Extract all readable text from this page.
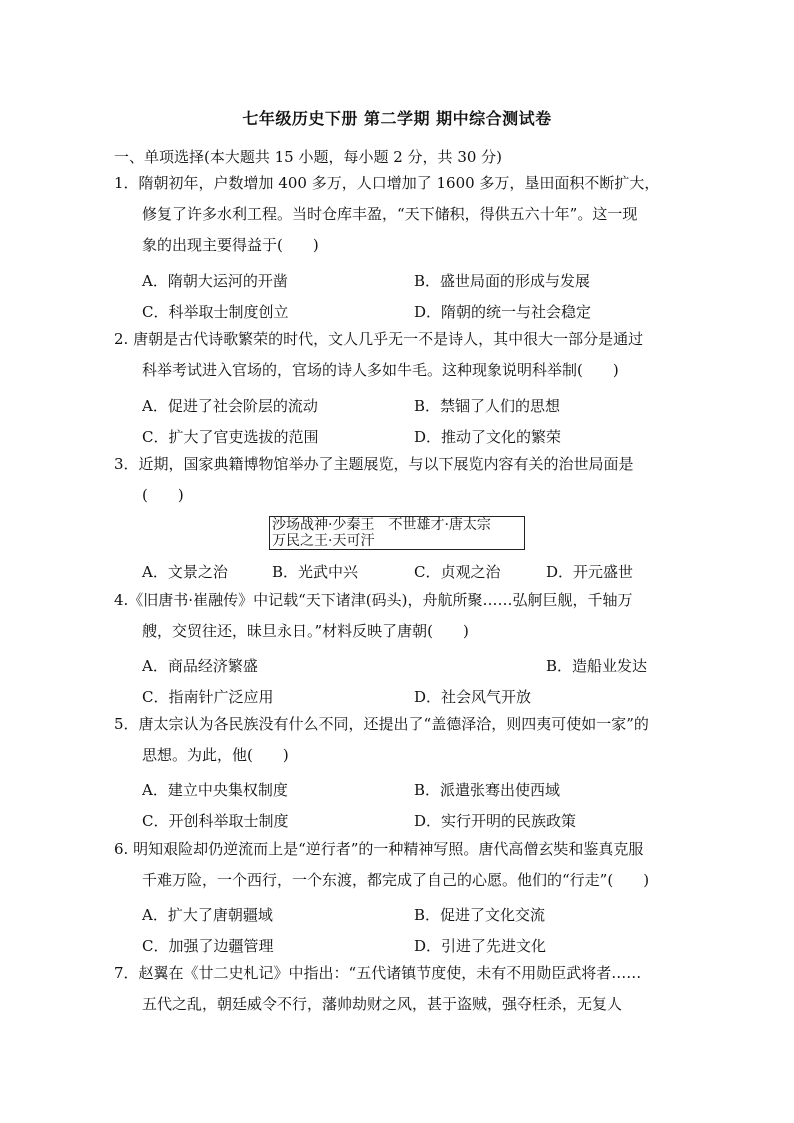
七年级历史下册 第二学期 期中综合测试卷
一、单项选择(本大题共 15 小题，每小题 2 分，共 30 分)
1．隋朝初年，户数增加 400 多万，人口增加了 1600 多万，垦田面积不断扩大，
修复了许多水利工程。当时仓库丰盈，“天下储积，得供五六十年”。这一现
象的出现主要得益于(　　)
A．隋朝大运河的开凿	B．盛世局面的形成与发展
C．科举取士制度创立	D．隋朝的统一与社会稳定
2. 唐朝是古代诗歌繁荣的时代，文人几乎无一不是诗人，其中很大一部分是通过
科举考试进入官场的，官场的诗人多如牛毛。这种现象说明科举制(　　)
A．促进了社会阶层的流动	B．禁锢了人们的思想
C．扩大了官吏选拔的范围	D．推动了文化的繁荣
3．近期，国家典籍博物馆举办了主题展览，与以下展览内容有关的治世局面是
(　　)
沙场战神·少秦王　不世雄才·唐太宗
万民之王·天可汗
A．文景之治	B．光武中兴	C．贞观之治	D．开元盛世
4.《旧唐书·崔融传》中记载“天下诸津(码头)，舟航所聚……弘舸巨舰，千轴万
艘，交贸往还，昧旦永日。”材料反映了唐朝(　　)
A．商品经济繁盛	B．造船业发达
C．指南针广泛应用	D．社会风气开放
5．唐太宗认为各民族没有什么不同，还提出了“盖德泽洽，则四夷可使如一家”的
思想。为此，他(　　)
A．建立中央集权制度	B．派遣张骞出使西域
C．开创科举取士制度	D．实行开明的民族政策
6. 明知艰险却仍逆流而上是“逆行者”的一种精神写照。唐代高僧玄奘和鉴真克服
千难万险，一个西行，一个东渡，都完成了自己的心愿。他们的“行走”(　　)
A．扩大了唐朝疆域	B．促进了文化交流
C．加强了边疆管理	D．引进了先进文化
7．赵翼在《廿二史札记》中指出：“五代诸镇节度使，未有不用勋臣武将者……
五代之乱，朝廷威令不行，藩帅劫财之风，甚于盗贼，强夺枉杀，无复人
